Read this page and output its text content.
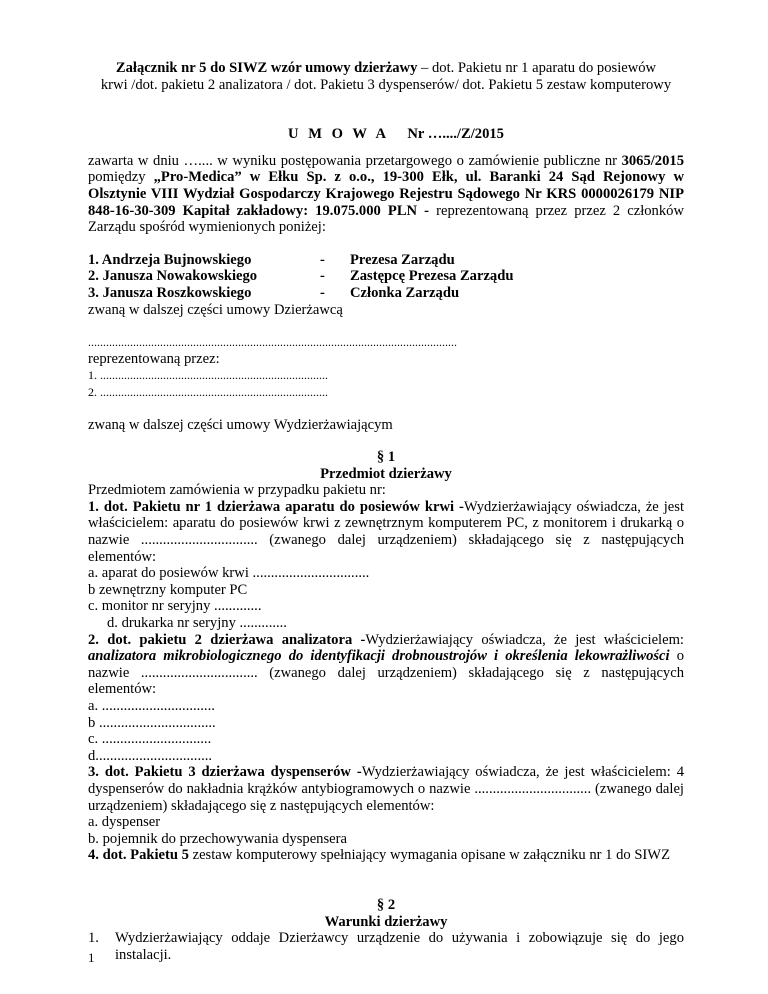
Załącznik nr 5 do SIWZ wzór umowy dzierżawy – dot. Pakietu nr 1 aparatu do posiewów
krwi /dot. pakietu 2 analizatora / dot. Pakietu 3 dyspenserów/ dot. Pakietu 5 zestaw komputerowy
U M O W A Nr …..../Z/2015
zawarta w dniu ….... w wyniku postępowania przetargowego o zamówienie publiczne nr 3065/2015 pomiędzy „Pro-Medica” w Ełku Sp. z o.o., 19-300 Ełk, ul. Baranki 24 Sąd Rejonowy w Olsztynie VIII Wydział Gospodarczy Krajowego Rejestru Sądowego Nr KRS 0000026179 NIP 848-16-30-309 Kapitał zakładowy: 19.075.000 PLN - reprezentowaną przez przez 2 członków Zarządu spośród wymienionych poniżej:
1. Andrzeja Bujnowskiego	-	Prezesa Zarządu
2. Janusza Nowakowskiego	-	Zastępcę Prezesa Zarządu
3. Janusza Roszkowskiego	-	Członka Zarządu
zwaną w dalszej części umowy Dzierżawcą
...........................................................................................................................
reprezentowaną przez:
1. ............................................................................
2. ............................................................................
zwaną w dalszej części umowy Wydzierżawiającym
§ 1
Przedmiot dzierżawy
Przedmiotem zamówienia w przypadku pakietu nr:
1. dot. Pakietu nr 1 dzierżawa aparatu do posiewów krwi -Wydzierżawiający oświadcza, że jest właścicielem: aparatu do posiewów krwi z zewnętrznym komputerem PC, z monitorem i drukarką o nazwie ................................ (zwanego dalej urządzeniem) składającego się z następujących elementów:
a. aparat do posiewów krwi ................................
b zewnętrzny komputer PC
c. monitor nr seryjny .............
d. drukarka nr seryjny .............
2. dot. pakietu 2 dzierżawa analizatora -Wydzierżawiający oświadcza, że jest właścicielem: analizatora mikrobiologicznego do identyfikacji drobnoustrojów i określenia lekowrażliwości o nazwie ................................ (zwanego dalej urządzeniem) składającego się z następujących elementów:
a. ...............................
b ................................
c. ..............................
d................................
3. dot. Pakietu 3 dzierżawa dyspenserów -Wydzierżawiający oświadcza, że jest właścicielem: 4 dyspenserów do nakładnia krążków antybiogramowych o nazwie ................................ (zwanego dalej urządzeniem) składającego się z następujących elementów:
a. dyspenser
b. pojemnik do przechowywania dyspensera
4. dot. Pakietu 5 zestaw komputerowy spełniający wymagania opisane w załączniku nr 1 do SIWZ
§ 2
Warunki dzierżawy
1.	Wydzierżawiający oddaje Dzierżawcy urządzenie do używania i zobowiązuje się do jego instalacji.
1
